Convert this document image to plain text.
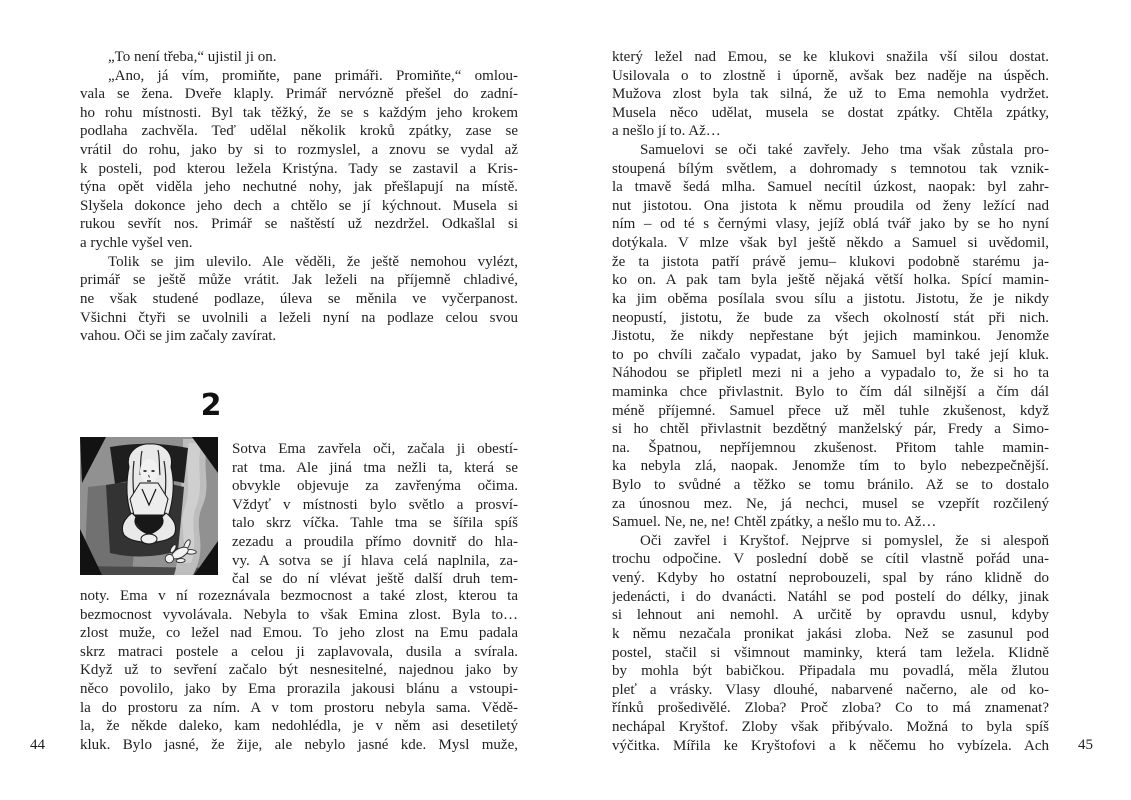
„To není třeba,“ ujistil ji on.
„Ano, já vím, promiňte, pane primáři. Promiňte,“ omlou-
vala se žena. Dveře klaply. Primář nervózně přešel do zadní-
ho rohu místnosti. Byl tak těžký, že se s každým jeho krokem
podlaha zachvěla. Teď udělal několik kroků zpátky, zase se
vrátil do rohu, jako by si to rozmyslel, a znovu se vydal až
k posteli, pod kterou ležela Kristýna. Tady se zastavil a Kris-
týna opět viděla jeho nechutné nohy, jak přešlapují na místě.
Slyšela dokonce jeho dech a chtělo se jí kýchnout. Musela si
rukou sevřít nos. Primář se naštěstí už nezdržel. Odkašlal si
a rychle vyšel ven.
Tolik se jim ulevilo. Ale věděli, že ještě nemohou vylézt,
primář se ještě může vrátit. Jak leželi na příjemně chladivé,
ne však studené podlaze, úleva se měnila ve vyčerpanost.
Všichni čtyři se uvolnili a leželi nyní na podlaze celou svou
vahou. Oči se jim začaly zavírat.
2
Sotva Ema zavřela oči, začala ji obestí-
rat tma. Ale jiná tma nežli ta, která se
obvykle objevuje za zavřenýma očima.
Vždyť v místnosti bylo světlo a prosví-
talo skrz víčka. Tahle tma se šířila spíš
zezadu a proudila přímo dovnitř do hla-
vy. A sotva se jí hlava celá naplnila, za-
čal se do ní vlévat ještě další druh tem-
noty. Ema v ní rozeznávala bezmocnost a také zlost, kterou ta
bezmocnost vyvolávala. Nebyla to však Emina zlost. Byla to…
zlost muže, co ležel nad Emou. To jeho zlost na Emu padala
skrz matraci postele a celou ji zaplavovala, dusila a svírala.
Když už to sevření začalo být nesnesitelné, najednou jako by
něco povolilo, jako by Ema prorazila jakousi blánu a vstoupi-
la do prostoru za ním. A v tom prostoru nebyla sama. Vědě-
la, že někde daleko, kam nedohlédla, je v něm asi desetiletý
kluk. Bylo jasné, že žije, ale nebylo jasné kde. Mysl muže,
44
který ležel nad Emou, se ke klukovi snažila vší silou dostat.
Usilovala o to zlostně i úporně, avšak bez naděje na úspěch.
Mužova zlost byla tak silná, že už to Ema nemohla vydržet.
Musela něco udělat, musela se dostat zpátky. Chtěla zpátky,
a nešlo jí to. Až…
Samuelovi se oči také zavřely. Jeho tma však zůstala pro-
stoupená bílým světlem, a dohromady s temnotou tak vznik-
la tmavě šedá mlha. Samuel necítil úzkost, naopak: byl zahr-
nut jistotou. Ona jistota k němu proudila od ženy ležící nad
ním – od té s černými vlasy, jejíž oblá tvář jako by se ho nyní
dotýkala. V mlze však byl ještě někdo a Samuel si uvědomil,
že ta jistota patří právě jemu– klukovi podobně starému ja-
ko on. A pak tam byla ještě nějaká větší holka. Spící mamin-
ka jim oběma posílala svou sílu a jistotu. Jistotu, že je nikdy
neopustí, jistotu, že bude za všech okolností stát při nich.
Jistotu, že nikdy nepřestane být jejich maminkou. Jenomže
to po chvíli začalo vypadat, jako by Samuel byl také její kluk.
Náhodou se připletl mezi ni a jeho a vypadalo to, že si ho ta
maminka chce přivlastnit. Bylo to čím dál silnější a čím dál
méně příjemné. Samuel přece už měl tuhle zkušenost, když
si ho chtěl přivlastnit bezdětný manželský pár, Fredy a Simo-
na. Špatnou, nepříjemnou zkušenost. Přitom tahle mamin-
ka nebyla zlá, naopak. Jenomže tím to bylo nebezpečnější.
Bylo to svůdné a těžko se tomu bránilo. Až se to dostalo
za únosnou mez. Ne, já nechci, musel se vzepřít rozčilený
Samuel. Ne, ne, ne! Chtěl zpátky, a nešlo mu to. Až…
Oči zavřel i Kryštof. Nejprve si pomyslel, že si alespoň
trochu odpočine. V poslední době se cítil vlastně pořád una-
vený. Kdyby ho ostatní neprobouzeli, spal by ráno klidně do
jedenácti, i do dvanácti. Natáhl se pod postelí do délky, jinak
si lehnout ani nemohl. A určitě by opravdu usnul, kdyby
k němu nezačala pronikat jakási zloba. Než se zasunul pod
postel, stačil si všimnout maminky, která tam ležela. Klidně
by mohla být babičkou. Připadala mu povadlá, měla žlutou
pleť a vrásky. Vlasy dlouhé, nabarvené načerno, ale od ko-
řínků prošedivělé. Zloba? Proč zloba? Co to má znamenat?
nechápal Kryštof. Zloby však přibývalo. Možná to byla spíš
výčitka. Mířila ke Kryštofovi a k něčemu ho vybízela. Ach 45
